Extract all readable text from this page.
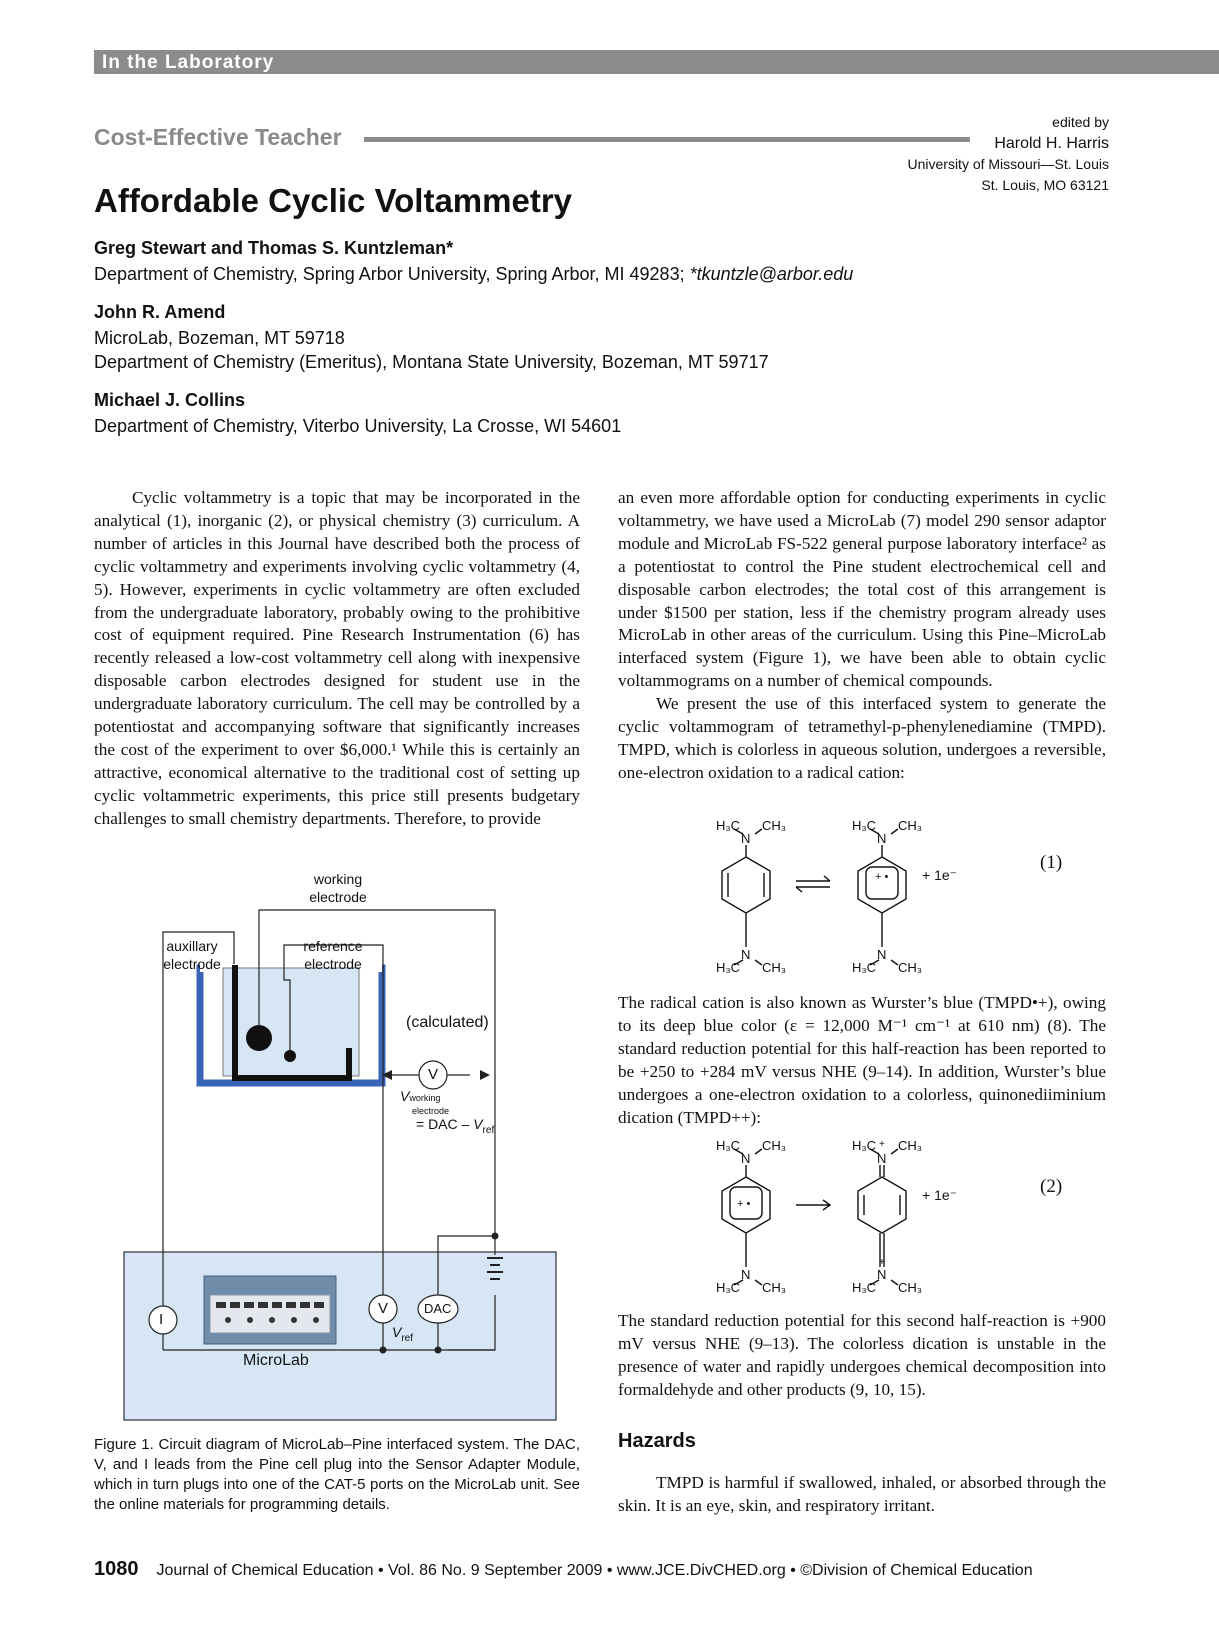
In the Laboratory
Cost-Effective Teacher
edited by
Harold H. Harris
University of Missouri—St. Louis
St. Louis, MO 63121
Affordable Cyclic Voltammetry
Greg Stewart and Thomas S. Kuntzleman*
Department of Chemistry, Spring Arbor University, Spring Arbor, MI 49283; *tkuntzle@arbor.edu
John R. Amend
MicroLab, Bozeman, MT 59718
Department of Chemistry (Emeritus), Montana State University, Bozeman, MT 59717
Michael J. Collins
Department of Chemistry, Viterbo University, La Crosse, WI 54601

Cyclic voltammetry is a topic that may be incorporated in the analytical (1), inorganic (2), or physical chemistry (3) curriculum. A number of articles in this Journal have described both the process of cyclic voltammetry and experiments involving cyclic voltammetry (4, 5). However, experiments in cyclic voltammetry are often excluded from the undergraduate laboratory, probably owing to the prohibitive cost of equipment required. Pine Research Instrumentation (6) has recently released a low-cost voltammetry cell along with inexpensive disposable carbon electrodes designed for student use in the undergraduate laboratory curriculum. The cell may be controlled by a potentiostat and accompanying software that significantly increases the cost of the experiment to over $6,000.¹ While this is certainly an attractive, economical alternative to the traditional cost of setting up cyclic voltammetric experiments, this price still presents budgetary challenges to small chemistry departments. Therefore, to provide

an even more affordable option for conducting experiments in cyclic voltammetry, we have used a MicroLab (7) model 290 sensor adaptor module and MicroLab FS-522 general purpose laboratory interface² as a potentiostat to control the Pine student electrochemical cell and disposable carbon electrodes; the total cost of this arrangement is under $1500 per station, less if the chemistry program already uses MicroLab in other areas of the curriculum. Using this Pine–MicroLab interfaced system (Figure 1), we have been able to obtain cyclic voltammograms on a number of chemical compounds.

We present the use of this interfaced system to generate the cyclic voltammogram of tetramethyl-p-phenylenediamine (TMPD). TMPD, which is colorless in aqueous solution, undergoes a reversible, one-electron oxidation to a radical cation:

H₃C CH₃
N
H₃C CH₃
N
H₃C CH₃
N
H₃C CH₃
N
+ 1e⁻
+ •
(1)

The radical cation is also known as Wurster’s blue (TMPD•+), owing to its deep blue color (ε = 12,000 M⁻¹ cm⁻¹ at 610 nm) (8). The standard reduction potential for this half-reaction has been reported to be +250 to +284 mV versus NHE (9–14). In addition, Wurster’s blue undergoes a one-electron oxidation to a colorless, quinonediiminium dication (TMPD++):

H₃C CH₃
N
H₃C CH₃
N
H₃C CH₃
N
H₃C CH₃
N
+ 1e⁻
+ •
+
+
(2)

The standard reduction potential for this second half-reaction is +900 mV versus NHE (9–13). The colorless dication is unstable in the presence of water and rapidly undergoes chemical decomposition into formaldehyde and other products (9, 10, 15).

Hazards

TMPD is harmful if swallowed, inhaled, or absorbed through the skin. It is an eye, skin, and respiratory irritant.

working
electrode
auxillary
electrode
reference
electrode
(calculated)
V
Vworking
electrode
= DAC – $V_{ref}$
I
V	DAC
$V_{ref}$
MicroLab
Figure 1. Circuit diagram of MicroLab–Pine interfaced system. The DAC, V, and I leads from the Pine cell plug into the Sensor Adapter Module, which in turn plugs into one of the CAT-5 ports on the MicroLab unit. See the online materials for programming details.
1080 Journal of Chemical Education • Vol. 86 No. 9 September 2009 • www.JCE.DivCHED.org • ©Division of Chemical Education
